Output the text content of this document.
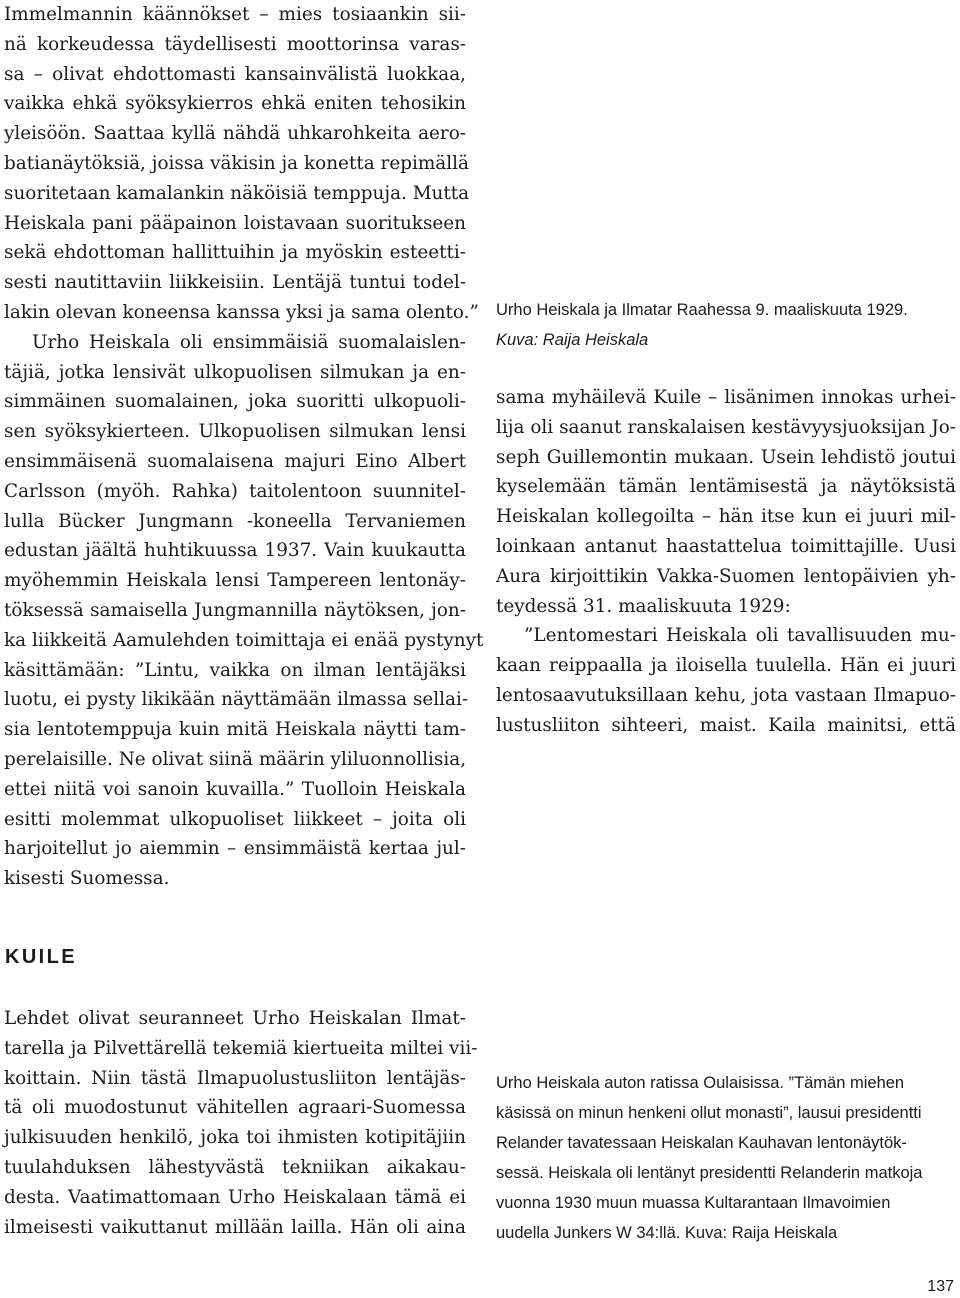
Immelmannin käännökset – mies tosiaankin sii-
nä korkeudessa täydellisesti moottorinsa varas-
sa – olivat ehdottomasti kansainvälistä luokkaa,
vaikka ehkä syöksykierros ehkä eniten tehosikin
yleisöön. Saattaa kyllä nähdä uhkarohkeita aero-
batianäytöksiä, joissa väkisin ja konetta repimällä
suoritetaan kamalankin näköisiä temppuja. Mutta
Heiskala pani pääpainon loistavaan suoritukseen
sekä ehdottoman hallittuihin ja myöskin esteetti-
sesti nautittaviin liikkeisiin. Lentäjä tuntui todel-
lakin olevan koneensa kanssa yksi ja sama olento.”
Urho Heiskala oli ensimmäisiä suomalaislen-
täjiä, jotka lensivät ulkopuolisen silmukan ja en-
simmäinen suomalainen, joka suoritti ulkopuoli-
sen syöksykierteen. Ulkopuolisen silmukan lensi
ensimmäisenä suomalaisena majuri Eino Albert
Carlsson (myöh. Rahka) taitolentoon suunnitel-
lulla Bücker Jungmann -koneella Tervaniemen
edustan jäältä huhtikuussa 1937. Vain kuukautta
myöhemmin Heiskala lensi Tampereen lentonäy-
töksessä samaisella Jungmannilla näytöksen, jon-
ka liikkeitä Aamulehden toimittaja ei enää pystynyt
käsittämään: ”Lintu, vaikka on ilman lentäjäksi
luotu, ei pysty likikään näyttämään ilmassa sellai-
sia lentotemppuja kuin mitä Heiskala näytti tam-
perelaisille. Ne olivat siinä määrin yliluonnollisia,
ettei niitä voi sanoin kuvailla.” Tuolloin Heiskala
esitti molemmat ulkopuoliset liikkeet – joita oli
harjoitellut jo aiemmin – ensimmäistä kertaa jul-
kisesti Suomessa.

KUILE

Lehdet olivat seuranneet Urho Heiskalan Ilmat-
tarella ja Pilvettärellä tekemiä kiertueita miltei vii-
koittain. Niin tästä Ilmapuolustusliiton lentäjäs-
tä oli muodostunut vähitellen agraari-Suomessa
julkisuuden henkilö, joka toi ihmisten kotipitäjiin
tuulahduksen lähestyvästä tekniikan aikakau-
desta. Vaatimattomaan Urho Heiskalaan tämä ei
ilmeisesti vaikuttanut millään lailla. Hän oli aina
Urho Heiskala ja Ilmatar Raahessa 9. maaliskuuta 1929.
Kuva: Raija Heiskala
sama myhäilevä Kuile – lisänimen innokas urhei-
lija oli saanut ranskalaisen kestävyysjuoksijan Jo-
seph Guillemontin mukaan. Usein lehdistö joutui
kyselemään tämän lentämisestä ja näytöksistä
Heiskalan kollegoilta – hän itse kun ei juuri mil-
loinkaan antanut haastattelua toimittajille. Uusi
Aura kirjoittikin Vakka-Suomen lentopäivien yh-
teydessä 31. maaliskuuta 1929:
”Lentomestari Heiskala oli tavallisuuden mu-
kaan reippaalla ja iloisella tuulella. Hän ei juuri
lentosaavutuksillaan kehu, jota vastaan Ilmapuo-
lustusliiton sihteeri, maist. Kaila mainitsi, että
Urho Heiskala auton ratissa Oulaisissa. ”Tämän miehen
käsissä on minun henkeni ollut monasti”, lausui presidentti
Relander tavatessaan Heiskalan Kauhavan lentonäytök-
sessä. Heiskala oli lentänyt presidentti Relanderin matkoja
vuonna 1930 muun muassa Kultarantaan Ilmavoimien
uudella Junkers W 34:llä. Kuva: Raija Heiskala

137
